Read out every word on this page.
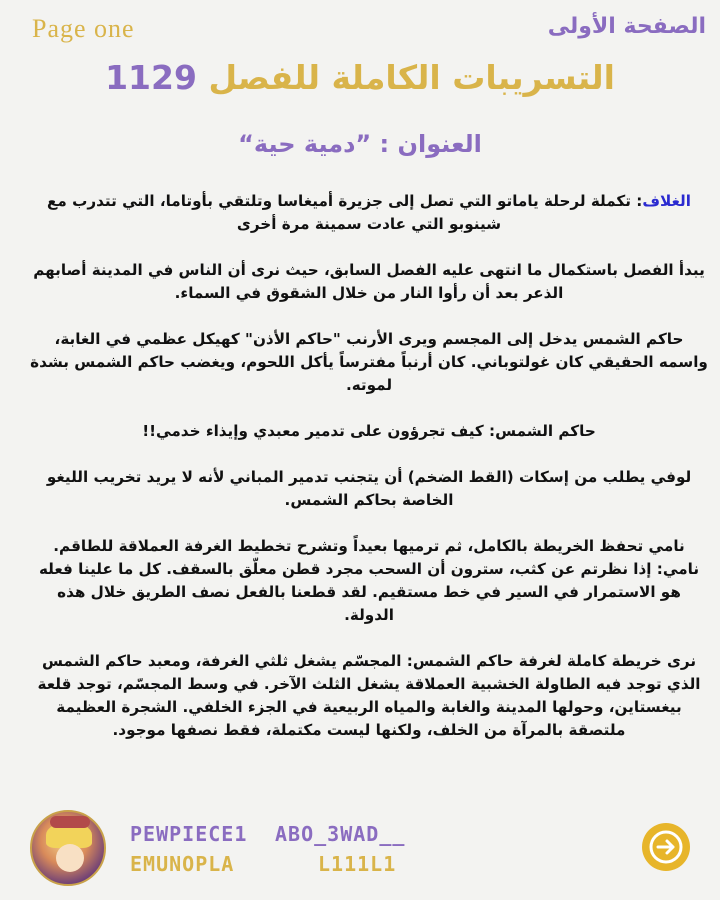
Page one	الصفحة الأولى
التسريبات الكاملة للفصل 1129
العنوان : ”دمية حية“

الغلاف: تكملة لرحلة ياماتو التي تصل إلى جزيرة أميغاسا وتلتقي بأوتاما، التي تتدرب مع شينوبو التي عادت سمينة مرة أخرى

يبدأ الفصل باستكمال ما انتهى عليه الفصل السابق، حيث نرى أن الناس في المدينة أصابهم الذعر بعد أن رأوا النار من خلال الشقوق في السماء.

حاكم الشمس يدخل إلى المجسم ويرى الأرنب "حاكم الأذن" كهيكل عظمي في الغابة، واسمه الحقيقي كان غولتوباني. كان أرنباً مفترساً يأكل اللحوم، ويغضب حاكم الشمس بشدة لموته.

حاكم الشمس: كيف تجرؤون على تدمير معبدي وإيذاء خدمي!!

لوفي يطلب من إسكات (القط الضخم) أن يتجنب تدمير المباني لأنه لا يريد تخريب الليغو الخاصة بحاكم الشمس.

نامي تحفظ الخريطة بالكامل، ثم ترميها بعيداً وتشرح تخطيط الغرفة العملاقة للطاقم.

نامي: إذا نظرتم عن كثب، سترون أن السحب مجرد قطن معلّق بالسقف. كل ما علينا فعله هو الاستمرار في السير في خط مستقيم. لقد قطعنا بالفعل نصف الطريق خلال هذه الدولة.

نرى خريطة كاملة لغرفة حاكم الشمس: المجسّم يشغل ثلثي الغرفة، ومعبد حاكم الشمس الذي توجد فيه الطاولة الخشبية العملاقة يشغل الثلث الآخر. في وسط المجسّم، توجد قلعة بيغستاين، وحولها المدينة والغابة والمياه الربيعية في الجزء الخلفي. الشجرة العظيمة ملتصقة بالمرآة من الخلف، ولكنها ليست مكتملة، فقط نصفها موجود.

PEWPIECE1
EMUNOPLA
ABO_3WAD__
L111L1
